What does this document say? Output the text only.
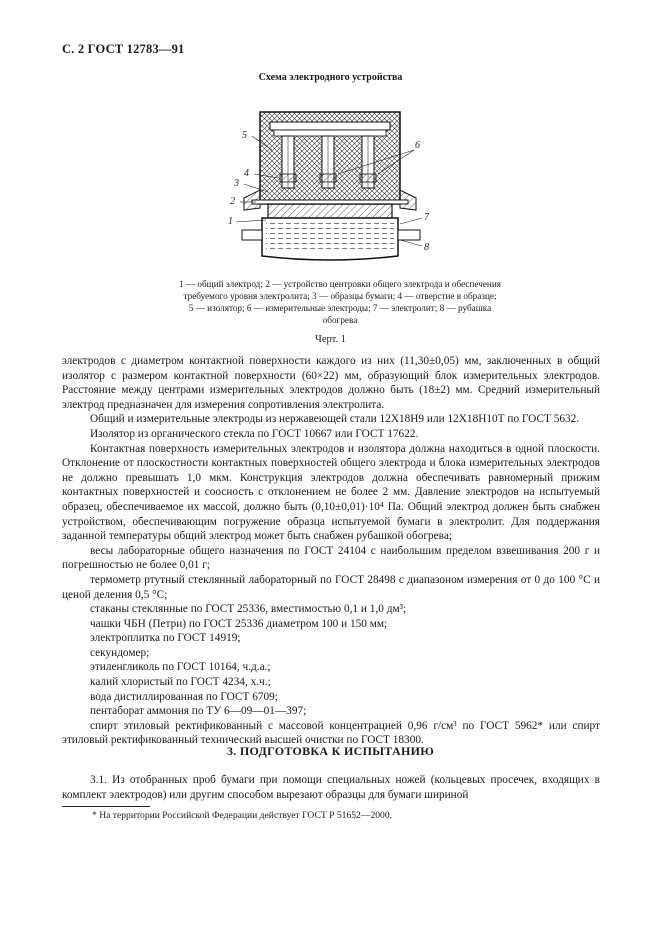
С. 2 ГОСТ 12783—91
Схема электродного устройства
5
4
3
2
1
6
7
8
1 — общий электрод; 2 — устройство центровки общего электрода и обеспечения
требуемого уровня электролита; 3 — образцы бумаги; 4 — отверстие в образце;
5 — изолятор; 6 — измерительные электроды; 7 — электролит; 8 — рубашка
обогрева
Черт. 1

электродов с диаметром контактной поверхности каждого из них (11,30±0,05) мм, заключенных в общий изолятор с размером контактной поверхности (60×22) мм, образующий блок измерительных электродов. Расстояние между центрами измерительных электродов должно быть (18±2) мм. Средний измерительный электрод предназначен для измерения сопротивления электролита.

Общий и измерительные электроды из нержавеющей стали 12Х18Н9 или 12Х18Н10Т по ГОСТ 5632.

Изолятор из органического стекла по ГОСТ 10667 или ГОСТ 17622.

Контактная поверхность измерительных электродов и изолятора должна находиться в одной плоскости. Отклонение от плоскостности контактных поверхностей общего электрода и блока измерительных электродов не должно превышать 1,0 мкм. Конструкция электродов должна обеспечивать равномерный прижим контактных поверхностей и соосность с отклонением не более 2 мм. Давление электродов на испытуемый образец, обеспечиваемое их массой, должно быть (0,10±0,01)·10⁴ Па. Общий электрод должен быть снабжен устройством, обеспечивающим погружение образца испытуемой бумаги в электролит. Для поддержания заданной температуры общий электрод может быть снабжен рубашкой обогрева;

весы лабораторные общего назначения по ГОСТ 24104 с наибольшим пределом взвешивания 200 г и погрешностью не более 0,01 г;

термометр ртутный стеклянный лабораторный по ГОСТ 28498 с диапазоном измерения от 0 до 100 °С и ценой деления 0,5 °С;

стаканы стеклянные по ГОСТ 25336, вместимостью 0,1 и 1,0 дм³;

чашки ЧБН (Петри) по ГОСТ 25336 диаметром 100 и 150 мм;

электроплитка по ГОСТ 14919;

секундомер;

этиленгликоль по ГОСТ 10164, ч.д.а.;

калий хлористый по ГОСТ 4234, х.ч.;

вода дистиллированная по ГОСТ 6709;

пентаборат аммония по ТУ 6—09—01—397;

спирт этиловый ректификованный с массовой концентрацией 0,96 г/см³ по ГОСТ 5962* или спирт этиловый ректификованный технический высшей очистки по ГОСТ 18300.

3. ПОДГОТОВКА К ИСПЫТАНИЮ

3.1. Из отобранных проб бумаги при помощи специальных ножей (кольцевых просечек, входящих в комплект электродов) или другим способом вырезают образцы для бумаги шириной

* На территории Российской Федерации действует ГОСТ Р 51652—2000.
